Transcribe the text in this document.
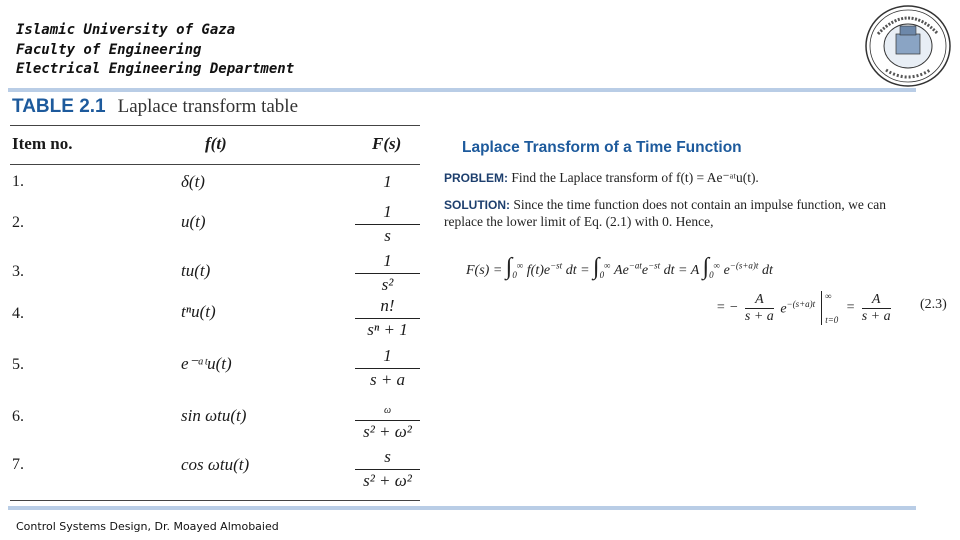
Islamic University of Gaza
Faculty of Engineering
Electrical Engineering Department
TABLE 2.1 Laplace transform table
Item no.	f(t)	F(s)
1.	δ(t)	1
2.	u(t)	$\frac{1}{s}$
3.	tu(t)	$\frac{1}{\text{s²}}$
4.	tⁿu(t)	$\frac{n!}{\text{sⁿ + 1}}$
5.	e⁻ᵃᵗu(t)	$\frac{1}{s + a}$
6.	sin ωtu(t)	ω
s² + ω²
7.	cos ωtu(t)	$\frac{s}{\text{s² + ω²}}$
Laplace Transform of a Time Function
PROBLEM: Find the Laplace transform of f(t) = Ae⁻ᵃᵗu(t).
SOLUTION: Since the time function does not contain an impulse function, we can
replace the lower limit of Eq. (2.1) with 0. Hence,
$F(s) = \int_0^\infty$ $f(t)e^{-st}$ dt = $\int_0^\infty$ $Ae^{-at}e^{-st}$ dt = A $\int_0^\infty$ $e^{-(s+a)t}$ dt
= − $\frac{A}{s + a} e^{-(s+a)t}$  ∞

$t=0 = \frac{A}{s + a} (2.3)$
Control Systems Design, Dr. Moayed Almobaied
